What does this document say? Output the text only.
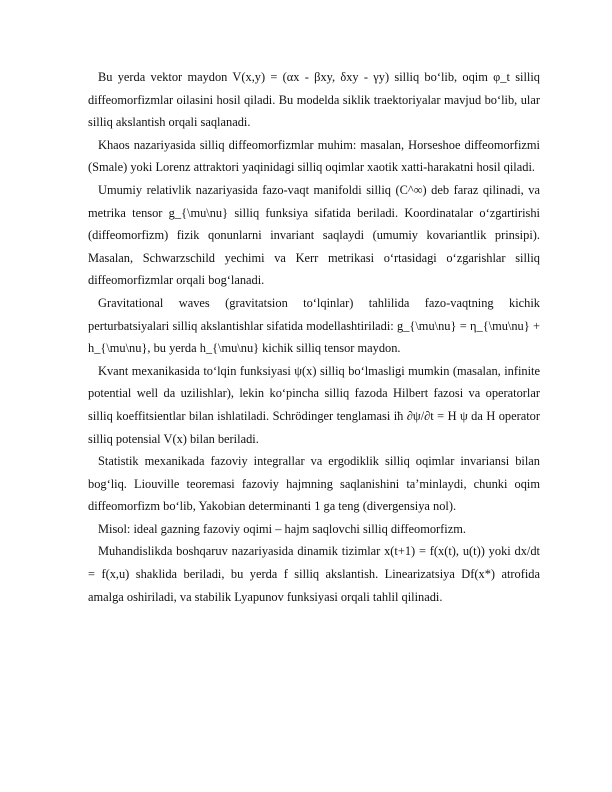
Bu yerda vektor maydon V(x,y) = (αx - βxy, δxy - γy) silliq bo‘lib, oqim φ_t silliq diffeomorfizmlar oilasini hosil qiladi. Bu modelda siklik traektoriyalar mavjud bo‘lib, ular silliq akslantish orqali saqlanadi.

Khaos nazariyasida silliq diffeomorfizmlar muhim: masalan, Horseshoe diffeomorfizmi (Smale) yoki Lorenz attraktori yaqinidagi silliq oqimlar xaotik xatti-harakatni hosil qiladi.

Umumiy relativlik nazariyasida fazo-vaqt manifoldi silliq (C^∞) deb faraz qilinadi, va metrika tensor g_{\mu\nu} silliq funksiya sifatida beriladi. Koordinatalar o‘zgartirishi (diffeomorfizm) fizik qonunlarni invariant saqlaydi (umumiy kovariantlik prinsipi). Masalan, Schwarzschild yechimi va Kerr metrikasi o‘rtasidagi o‘zgarishlar silliq diffeomorfizmlar orqali bog‘lanadi.

Gravitational waves (gravitatsion to‘lqinlar) tahlilida fazo-vaqtning kichik perturbatsiyalari silliq akslantishlar sifatida modellashtiriladi: g_{\mu\nu} = η_{\mu\nu} + h_{\mu\nu}, bu yerda h_{\mu\nu} kichik silliq tensor maydon.

Kvant mexanikasida to‘lqin funksiyasi ψ(x) silliq bo‘lmasligi mumkin (masalan, infinite potential well da uzilishlar), lekin ko‘pincha silliq fazoda Hilbert fazosi va operatorlar silliq koeffitsientlar bilan ishlatiladi. Schrödinger tenglamasi iħ ∂ψ/∂t = H ψ da H operator silliq potensial V(x) bilan beriladi.

Statistik mexanikada fazoviy integrallar va ergodiklik silliq oqimlar invariansi bilan bog‘liq. Liouville teoremasi fazoviy hajmning saqlanishini ta’minlaydi, chunki oqim diffeomorfizm bo‘lib, Yakobian determinanti 1 ga teng (divergensiya nol).

Misol: ideal gazning fazoviy oqimi – hajm saqlovchi silliq diffeomorfizm.

Muhandislikda boshqaruv nazariyasida dinamik tizimlar x(t+1) = f(x(t), u(t)) yoki dx/dt = f(x,u) shaklida beriladi, bu yerda f silliq akslantish. Linearizatsiya Df(x*) atrofida amalga oshiriladi, va stabilik Lyapunov funksiyasi orqali tahlil qilinadi.
